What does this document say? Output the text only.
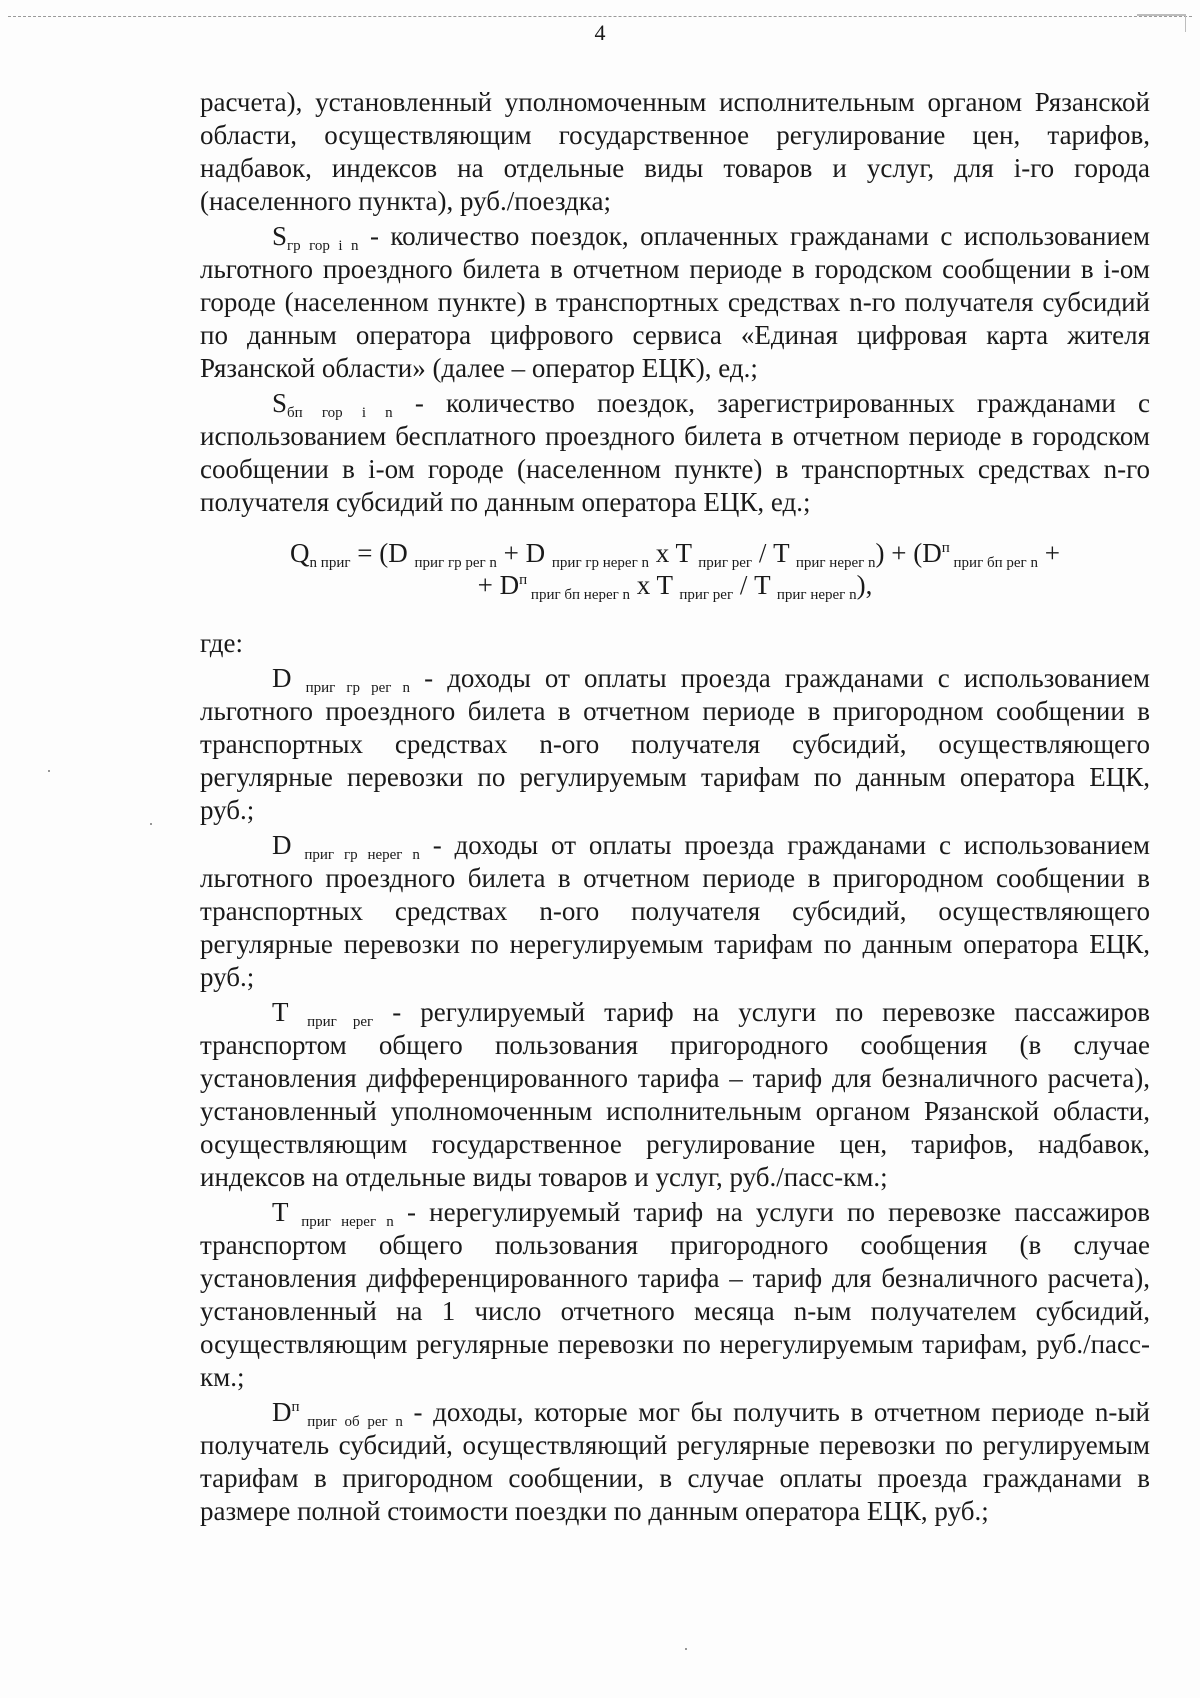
4

расчета), установленный уполномоченным исполнительным органом Рязанской области, осуществляющим государственное регулирование цен, тарифов, надбавок, индексов на отдельные виды товаров и услуг, для i-го города (населенного пункта), руб./поездка;

$S_{гр гор i n}$ - количество поездок, оплаченных гражданами с использованием льготного проездного билета в отчетном периоде в городском сообщении в i-ом городе (населенном пункте) в транспортных средствах n-го получателя субсидий по данным оператора цифрового сервиса «Единая цифровая карта жителя Рязанской области» (далее – оператор ЕЦК), ед.;

$S_{бп гор i n}$ - количество поездок, зарегистрированных гражданами с использованием бесплатного проездного билета в отчетном периоде в городском сообщении в i-ом городе (населенном пункте) в транспортных средствах n-го получателя субсидий по данным оператора ЕЦК, ед.;

$Q_{n приг} = (D$ $_{приг гр рег n}$ + D $_{приг гр нерег n}$ x T $_{приг рег}$ / T $_{приг нерег n}) + (D^п$ $_{приг бп рег n}$ +
+ $D^п$ $_{приг бп нерег n}$ x T $_{приг рег}$ / T $_{приг нерег n}$),

где:

D $_{приг гр рег n}$ - доходы от оплаты проезда гражданами с использованием льготного проездного билета в отчетном периоде в пригородном сообщении в транспортных средствах n-ого получателя субсидий, осуществляющего регулярные перевозки по регулируемым тарифам по данным оператора ЕЦК, руб.;

D $_{приг гр нерег n}$ - доходы от оплаты проезда гражданами с использованием льготного проездного билета в отчетном периоде в пригородном сообщении в транспортных средствах n-ого получателя субсидий, осуществляющего регулярные перевозки по нерегулируемым тарифам по данным оператора ЕЦК, руб.;

T $_{приг рег}$ - регулируемый тариф на услуги по перевозке пассажиров транспортом общего пользования пригородного сообщения (в случае установления дифференцированного тарифа – тариф для безналичного расчета), установленный уполномоченным исполнительным органом Рязанской области, осуществляющим государственное регулирование цен, тарифов, надбавок, индексов на отдельные виды товаров и услуг, руб./пасс-км.;

T $_{приг нерег n}$ - нерегулируемый тариф на услуги по перевозке пассажиров транспортом общего пользования пригородного сообщения (в случае установления дифференцированного тарифа – тариф для безналичного расчета), установленный на 1 число отчетного месяца n-ым получателем субсидий, осуществляющим регулярные перевозки по нерегулируемым тарифам, руб./пасс-км.;

$D^п$ $_{приг об рег n}$ - доходы, которые мог бы получить в отчетном периоде n-ый получатель субсидий, осуществляющий регулярные перевозки по регулируемым тарифам в пригородном сообщении, в случае оплаты проезда гражданами в размере полной стоимости поездки по данным оператора ЕЦК, руб.;
